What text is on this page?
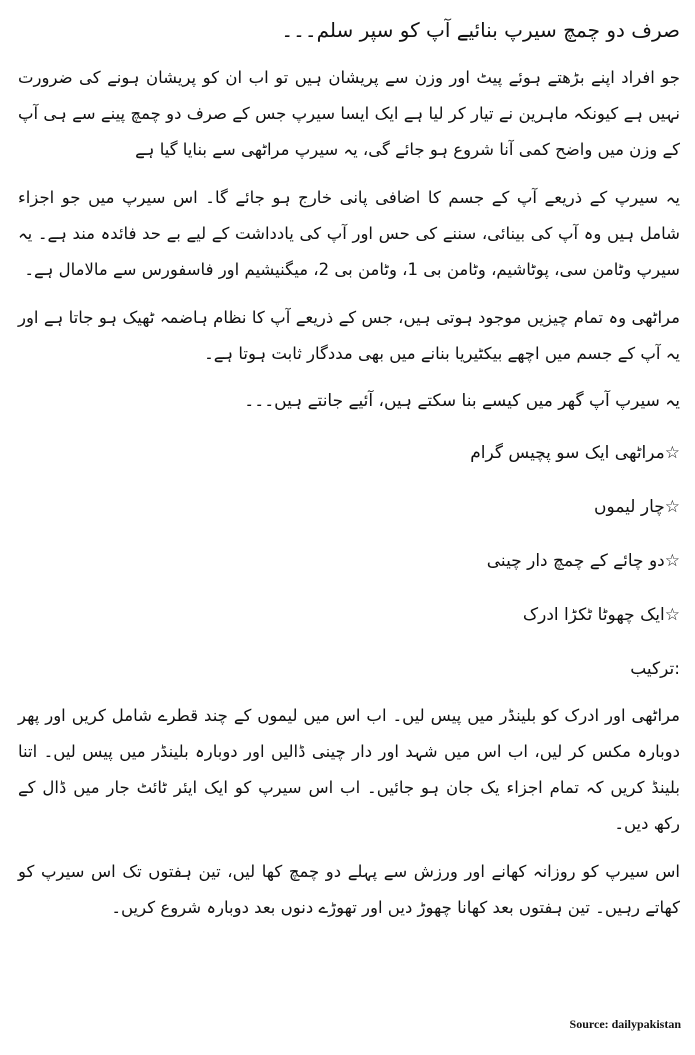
صرف دو چمچ سیرپ بنائیے آپ کو سپر سلم۔۔۔

جو افراد اپنے بڑھتے ہوئے پیٹ اور وزن سے پریشان ہیں تو اب ان کو پریشان ہونے کی ضرورت نہیں ہے کیونکہ ماہرین نے تیار کر لیا ہے ایک ایسا سیرپ جس کے صرف دو چمچ پینے سے ہی آپ کے وزن میں واضح کمی آنا شروع ہو جائے گی، یہ سیرپ مراٹھی سے بنایا گیا ہے

یہ سیرپ کے ذریعے آپ کے جسم کا اضافی پانی خارج ہو جائے گا۔ اس سیرپ میں جو اجزاء شامل ہیں وہ آپ کی بینائی، سننے کی حس اور آپ کی یادداشت کے لیے بے حد فائدہ مند ہے۔ یہ سیرپ وٹامن سی، پوٹاشیم، وٹامن بی 1، وٹامن بی 2، میگنیشیم اور فاسفورس سے مالامال ہے۔

مراٹھی وہ تمام چیزیں موجود ہوتی ہیں، جس کے ذریعے آپ کا نظام ہاضمہ ٹھیک ہو جاتا ہے اور یہ آپ کے جسم میں اچھے بیکٹیریا بنانے میں بھی مددگار ثابت ہوتا ہے۔

یہ سیرپ آپ گھر میں کیسے بنا سکتے ہیں، آئیے جانتے ہیں۔۔۔

☆مراٹھی ایک سو پچیس گرام
☆چار لیموں
☆دو چائے کے چمچ دار چینی
☆ایک چھوٹا ٹکڑا ادرک

:ترکیب

مراٹھی اور ادرک کو بلینڈر میں پیس لیں۔ اب اس میں لیموں کے چند قطرے شامل کریں اور پھر دوبارہ مکس کر لیں، اب اس میں شہد اور دار چینی ڈالیں اور دوبارہ بلینڈر میں پیس لیں۔ اتنا بلینڈ کریں کہ تمام اجزاء یک جان ہو جائیں۔ اب اس سیرپ کو ایک ایئر ٹائٹ جار میں ڈال کے رکھ دیں۔

اس سیرپ کو روزانہ کھانے اور ورزش سے پہلے دو چمچ کھا لیں، تین ہفتوں تک اس سیرپ کو کھاتے رہیں۔ تین ہفتوں بعد کھانا چھوڑ دیں اور تھوڑے دنوں بعد دوبارہ شروع کریں۔

Source: dailypakistan
